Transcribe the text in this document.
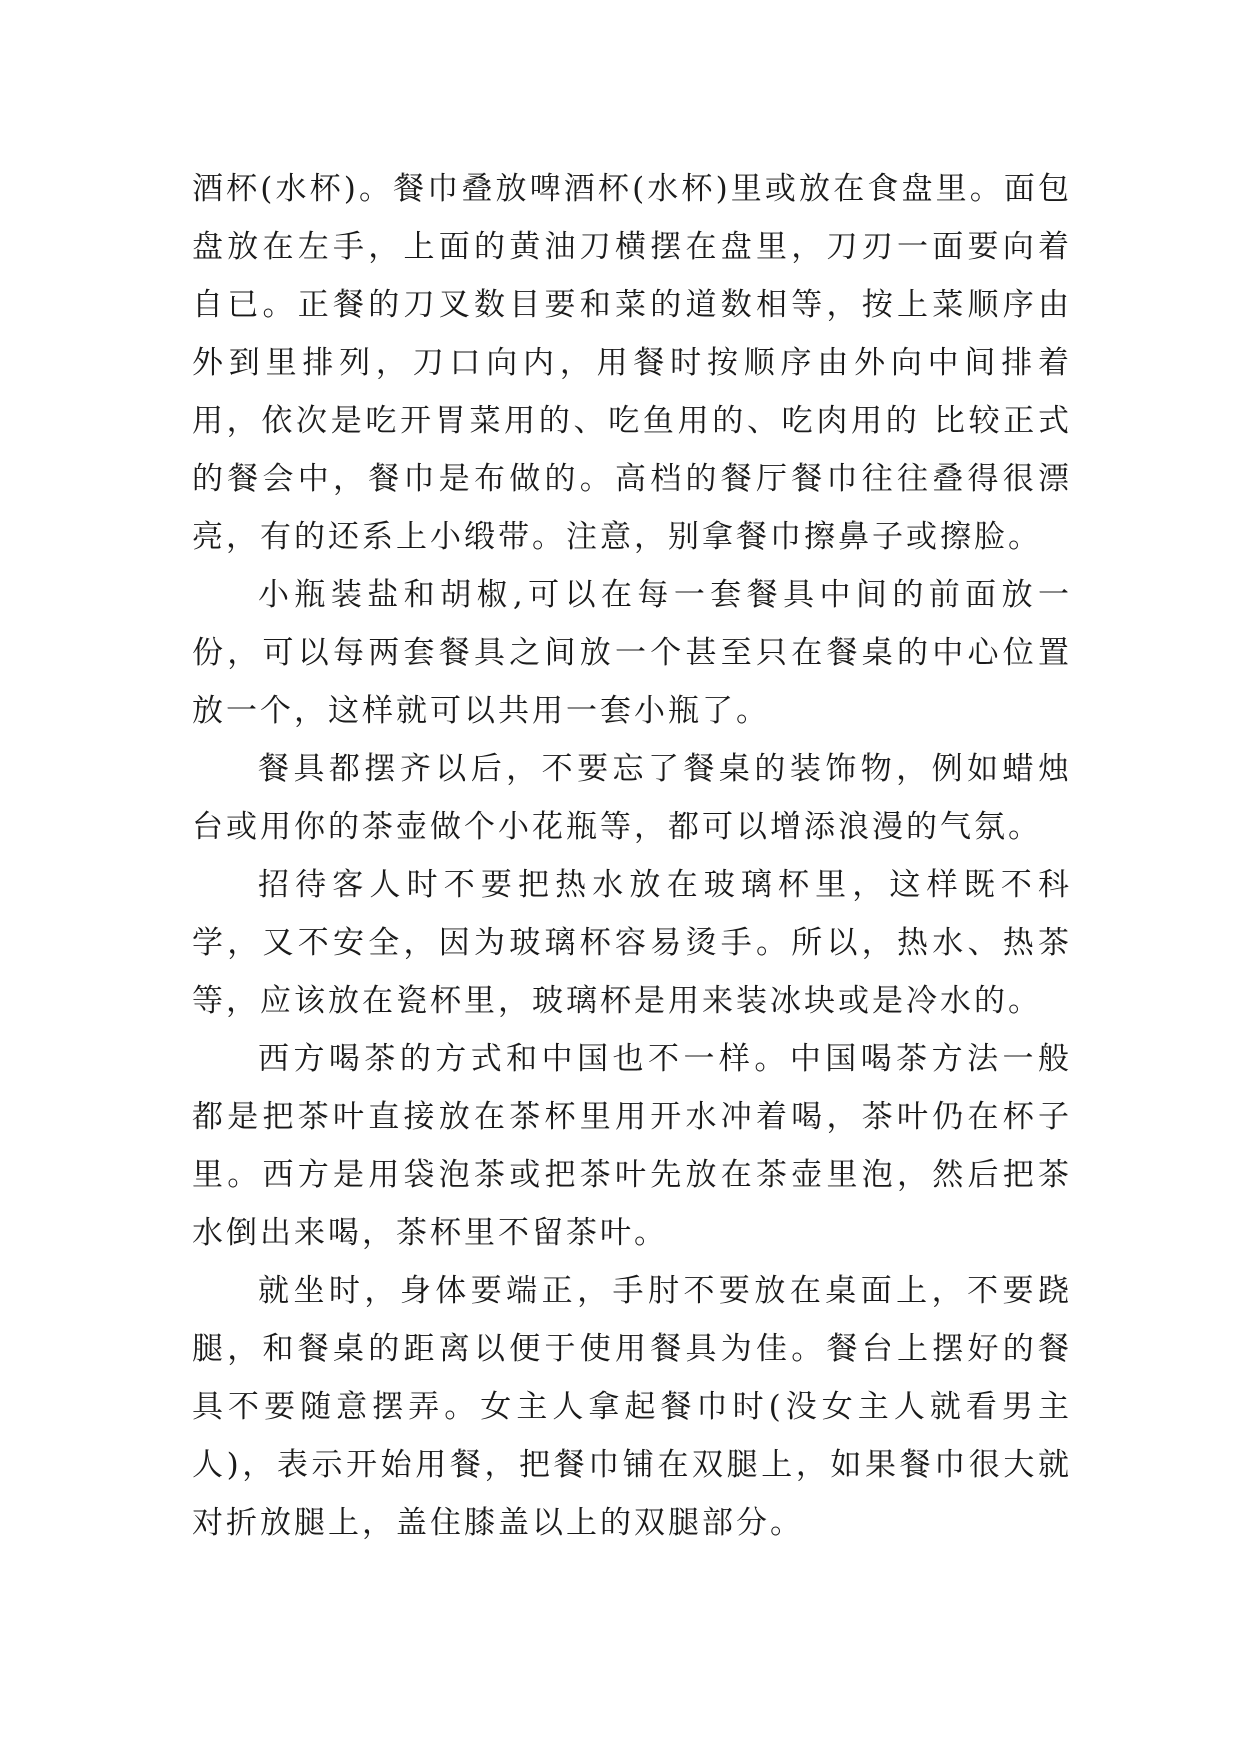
酒杯(水杯)。餐巾叠放啤酒杯(水杯)里或放在食盘里。面包盘放在左手，上面的黄油刀横摆在盘里，刀刃一面要向着自已。正餐的刀叉数目要和菜的道数相等，按上菜顺序由外到里排列，刀口向内，用餐时按顺序由外向中间排着用，依次是吃开胃菜用的、吃鱼用的、吃肉用的 比较正式的餐会中，餐巾是布做的。高档的餐厅餐巾往往叠得很漂亮，有的还系上小缎带。注意，别拿餐巾擦鼻子或擦脸。

小瓶装盐和胡椒,可以在每一套餐具中间的前面放一份，可以每两套餐具之间放一个甚至只在餐桌的中心位置放一个，这样就可以共用一套小瓶了。

餐具都摆齐以后，不要忘了餐桌的装饰物，例如蜡烛台或用你的茶壶做个小花瓶等，都可以增添浪漫的气氛。

招待客人时不要把热水放在玻璃杯里，这样既不科学，又不安全，因为玻璃杯容易烫手。所以，热水、热茶等，应该放在瓷杯里，玻璃杯是用来装冰块或是冷水的。

西方喝茶的方式和中国也不一样。中国喝茶方法一般都是把茶叶直接放在茶杯里用开水冲着喝，茶叶仍在杯子里。西方是用袋泡茶或把茶叶先放在茶壶里泡，然后把茶水倒出来喝，茶杯里不留茶叶。

就坐时，身体要端正，手肘不要放在桌面上，不要跷腿，和餐桌的距离以便于使用餐具为佳。餐台上摆好的餐具不要随意摆弄。女主人拿起餐巾时(没女主人就看男主人)，表示开始用餐，把餐巾铺在双腿上，如果餐巾很大就对折放腿上，盖住膝盖以上的双腿部分。
